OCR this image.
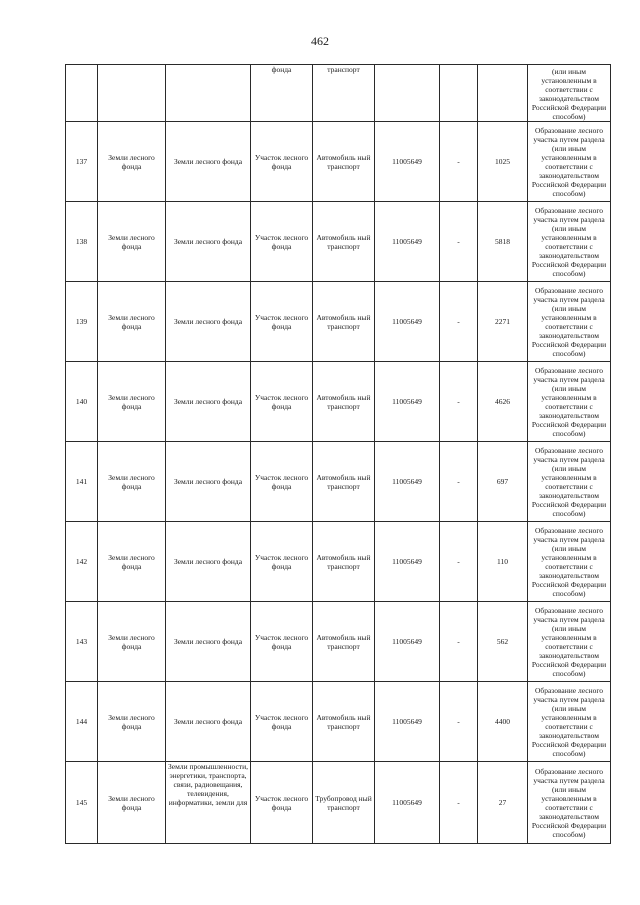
462
			фонда	транспорт				(или иным установленным в соответствии с законодательством Российской Федерации способом)
137	Земли лесного фонда	Земли лесного фонда	Участок лесного фонда	Автомобиль ный транспорт	11005649	-	1025	Образование лесного участка путем раздела (или иным установленным в соответствии с законодательством Российской Федерации способом)
138	Земли лесного фонда	Земли лесного фонда	Участок лесного фонда	Автомобиль ный транспорт	11005649	-	5818	Образование лесного участка путем раздела (или иным установленным в соответствии с законодательством Российской Федерации способом)
139	Земли лесного фонда	Земли лесного фонда	Участок лесного фонда	Автомобиль ный транспорт	11005649	-	2271	Образование лесного участка путем раздела (или иным установленным в соответствии с законодательством Российской Федерации способом)
140	Земли лесного фонда	Земли лесного фонда	Участок лесного фонда	Автомобиль ный транспорт	11005649	-	4626	Образование лесного участка путем раздела (или иным установленным в соответствии с законодательством Российской Федерации способом)
141	Земли лесного фонда	Земли лесного фонда	Участок лесного фонда	Автомобиль ный транспорт	11005649	-	697	Образование лесного участка путем раздела (или иным установленным в соответствии с законодательством Российской Федерации способом)
142	Земли лесного фонда	Земли лесного фонда	Участок лесного фонда	Автомобиль ный транспорт	11005649	-	110	Образование лесного участка путем раздела (или иным установленным в соответствии с законодательством Российской Федерации способом)
143	Земли лесного фонда	Земли лесного фонда	Участок лесного фонда	Автомобиль ный транспорт	11005649	-	562	Образование лесного участка путем раздела (или иным установленным в соответствии с законодательством Российской Федерации способом)
144	Земли лесного фонда	Земли лесного фонда	Участок лесного фонда	Автомобиль ный транспорт	11005649	-	4400	Образование лесного участка путем раздела (или иным установленным в соответствии с законодательством Российской Федерации способом)
145	Земли лесного фонда	Земли промышленности, энергетики, транспорта, связи, радиовещания, телевидения, информатики, земли для	Участок лесного фонда	Трубопровод ный транспорт	11005649	-	27	Образование лесного участка путем раздела (или иным установленным в соответствии с законодательством Российской Федерации способом)
